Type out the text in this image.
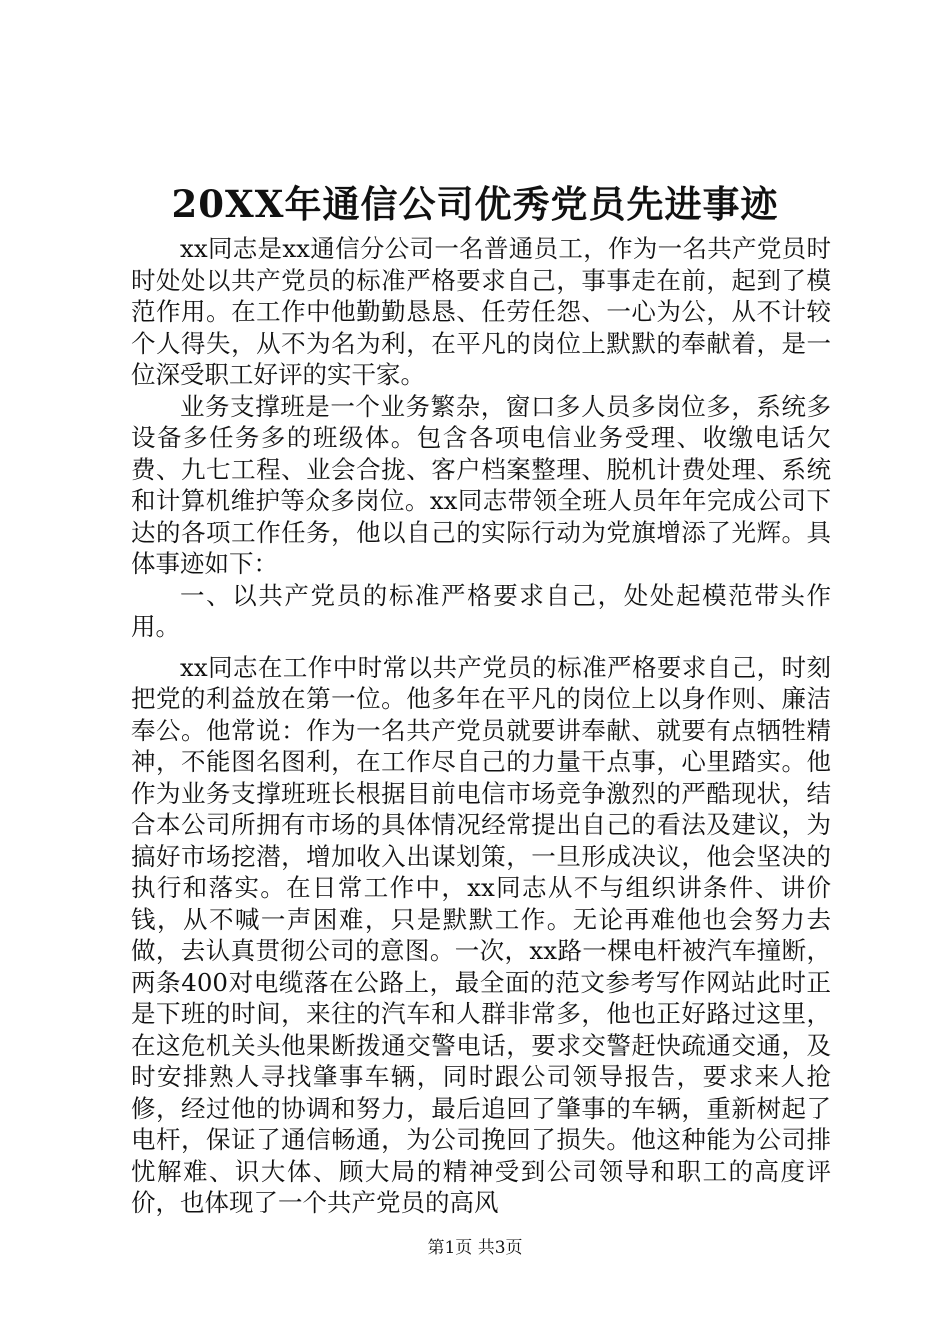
20XX年通信公司优秀党员先进事迹

xx同志是xx通信分公司一名普通员工，作为一名共产党员时时处处以共产党员的标准严格要求自己，事事走在前，起到了模范作用。在工作中他勤勤恳恳、任劳任怨、一心为公，从不计较个人得失，从不为名为利，在平凡的岗位上默默的奉献着，是一位深受职工好评的实干家。

业务支撑班是一个业务繁杂，窗口多人员多岗位多，系统多设备多任务多的班级体。包含各项电信业务受理、收缴电话欠费、九七工程、业会合拢、客户档案整理、脱机计费处理、系统和计算机维护等众多岗位。xx同志带领全班人员年年完成公司下达的各项工作任务，他以自己的实际行动为党旗增添了光辉。具体事迹如下：

一、以共产党员的标准严格要求自己，处处起模范带头作用。

xx同志在工作中时常以共产党员的标准严格要求自己，时刻把党的利益放在第一位。他多年在平凡的岗位上以身作则、廉洁奉公。他常说：作为一名共产党员就要讲奉献、就要有点牺牲精神，不能图名图利，在工作尽自己的力量干点事，心里踏实。他作为业务支撑班班长根据目前电信市场竞争激烈的严酷现状，结合本公司所拥有市场的具体情况经常提出自己的看法及建议，为搞好市场挖潜，增加收入出谋划策，一旦形成决议，他会坚决的执行和落实。在日常工作中，xx同志从不与组织讲条件、讲价钱，从不喊一声困难，只是默默工作。无论再难他也会努力去做，去认真贯彻公司的意图。一次，xx路一棵电杆被汽车撞断，两条400对电缆落在公路上，最全面的范文参考写作网站此时正是下班的时间，来往的汽车和人群非常多，他也正好路过这里，在这危机关头他果断拨通交警电话，要求交警赶快疏通交通，及时安排熟人寻找肇事车辆，同时跟公司领导报告，要求来人抢修，经过他的协调和努力，最后追回了肇事的车辆，重新树起了电杆，保证了通信畅通，为公司挽回了损失。他这种能为公司排忧解难、识大体、顾大局的精神受到公司领导和职工的高度评价，也体现了一个共产党员的高风

第1页 共3页
